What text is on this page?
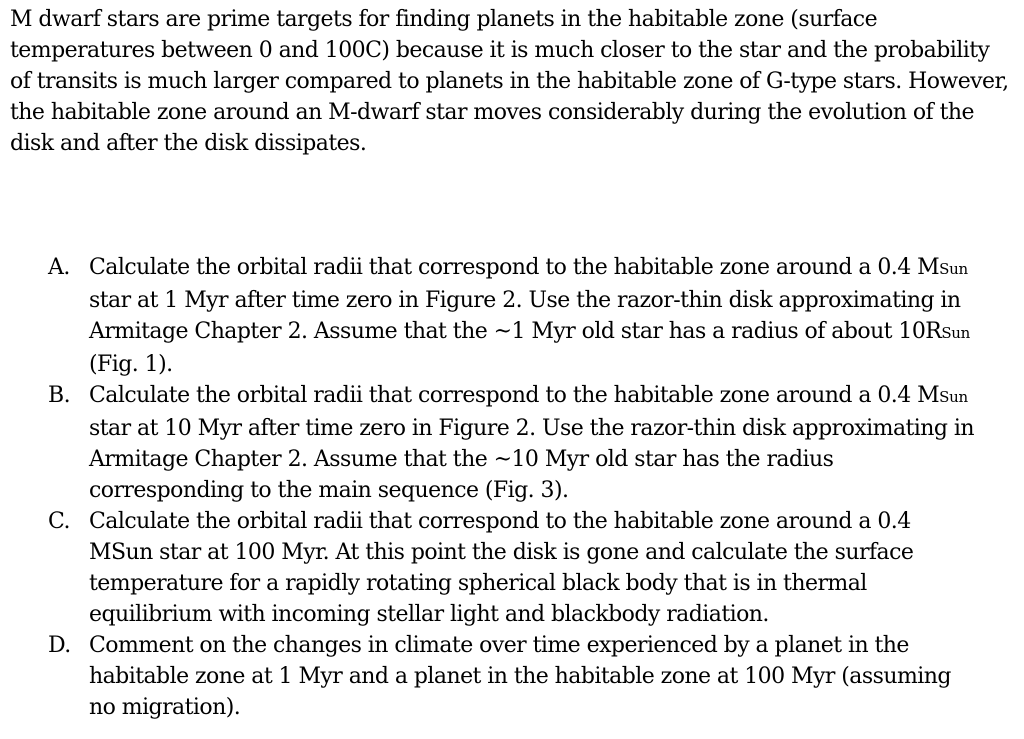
M dwarf stars are prime targets for finding planets in the habitable zone (surface temperatures between 0 and 100C) because it is much closer to the star and the probability of transits is much larger compared to planets in the habitable zone of G-type stars. However, the habitable zone around an M-dwarf star moves considerably during the evolution of the disk and after the disk dissipates.

A. Calculate the orbital radii that correspond to the habitable zone around a 0.4 MSun star at 1 Myr after time zero in Figure 2. Use the razor-thin disk approximating in Armitage Chapter 2. Assume that the ~1 Myr old star has a radius of about 10RSun (Fig. 1).
B. Calculate the orbital radii that correspond to the habitable zone around a 0.4 MSun star at 10 Myr after time zero in Figure 2. Use the razor-thin disk approximating in Armitage Chapter 2. Assume that the ~10 Myr old star has the radius corresponding to the main sequence (Fig. 3).
C. Calculate the orbital radii that correspond to the habitable zone around a 0.4 MSun star at 100 Myr. At this point the disk is gone and calculate the surface temperature for a rapidly rotating spherical black body that is in thermal equilibrium with incoming stellar light and blackbody radiation.
D. Comment on the changes in climate over time experienced by a planet in the habitable zone at 1 Myr and a planet in the habitable zone at 100 Myr (assuming no migration).
